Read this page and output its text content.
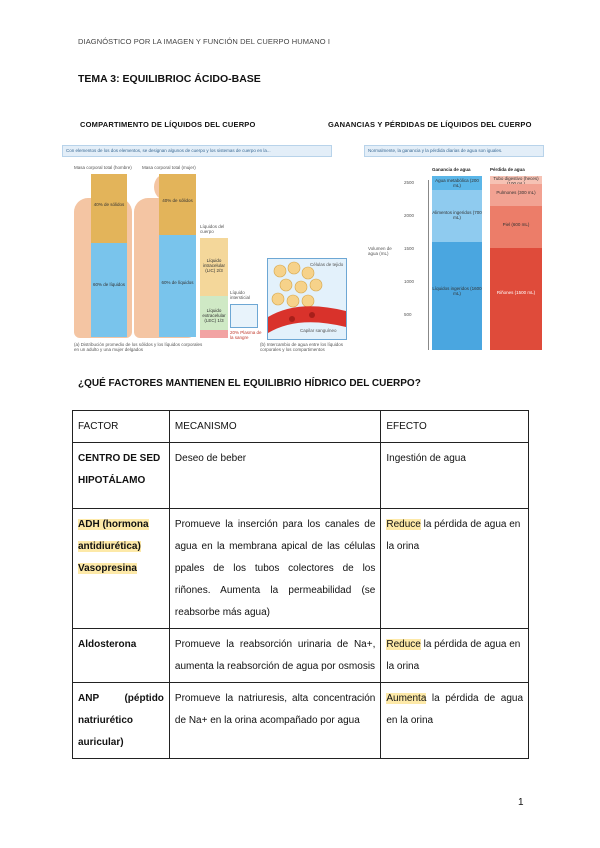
DIAGNÓSTICO POR LA IMAGEN Y FUNCIÓN DEL CUERPO HUMANO I
TEMA 3: EQUILIBRIOC ÁCIDO-BASE
COMPARTIMENTO DE LÍQUIDOS DEL CUERPO
Con elementos de los dos elementos, se designan algunos de cuerpo y los sistemas de cuerpo en la...
Masa corporal total (hombre) Masa corporal total (mujer)
40% de sólidos
60% de líquidos
40% de sólidos
60% de líquidos
Líquidos del cuerpo
Líquido intracelular (LIC) 2/3
Líquido extracelular (LEC) 1/3
Líquido intersticial
20% Plasma de la sangre
Células de tejido
Capilar sanguíneo
(a) Distribución promedio de los sólidos y los líquidos corporales en un adulto y una mujer delgados
(b) Intercambio de agua entre los líquidos corporales y los compartimentos
GANANCIAS Y PÉRDIDAS DE LÍQUIDOS DEL CUERPO
Normalmente, la ganancia y la pérdida diarias de agua son iguales.
Ganancia de agua	Pérdida de agua
Volumen de agua (mL)
2500
2000
1500
1000
500
Agua metabólica (200 mL)
Alimentos ingeridos (700 mL)
Líquidos ingeridos (1600 mL)
Tubo digestivo (heces)
Pulmones (300 mL)
Piel (600 mL)
Riñones (1500 mL)
¿QUÉ FACTORES MANTIENEN EL EQUILIBRIO HÍDRICO DEL CUERPO?
FACTOR	MECANISMO	EFECTO
CENTRO DE SED HIPOTÁLAMO	Deseo de beber	Ingestión de agua
ADH (hormona antidiurética) Vasopresina	Promueve la inserción para los canales de agua en la membrana apical de las células ppales de los tubos colectores de los riñones. Aumenta la permeabilidad (se reabsorbe más agua)	Reduce la pérdida de agua en la orina
Aldosterona	Promueve la reabsorción urinaria de Na+, aumenta la reabsorción de agua por osmosis	Reduce la pérdida de agua en la orina
ANP (péptido natriurético auricular)	Promueve la natriuresis, alta concentración de Na+ en la orina acompañado por agua	Aumenta la pérdida de agua en la orina
1
